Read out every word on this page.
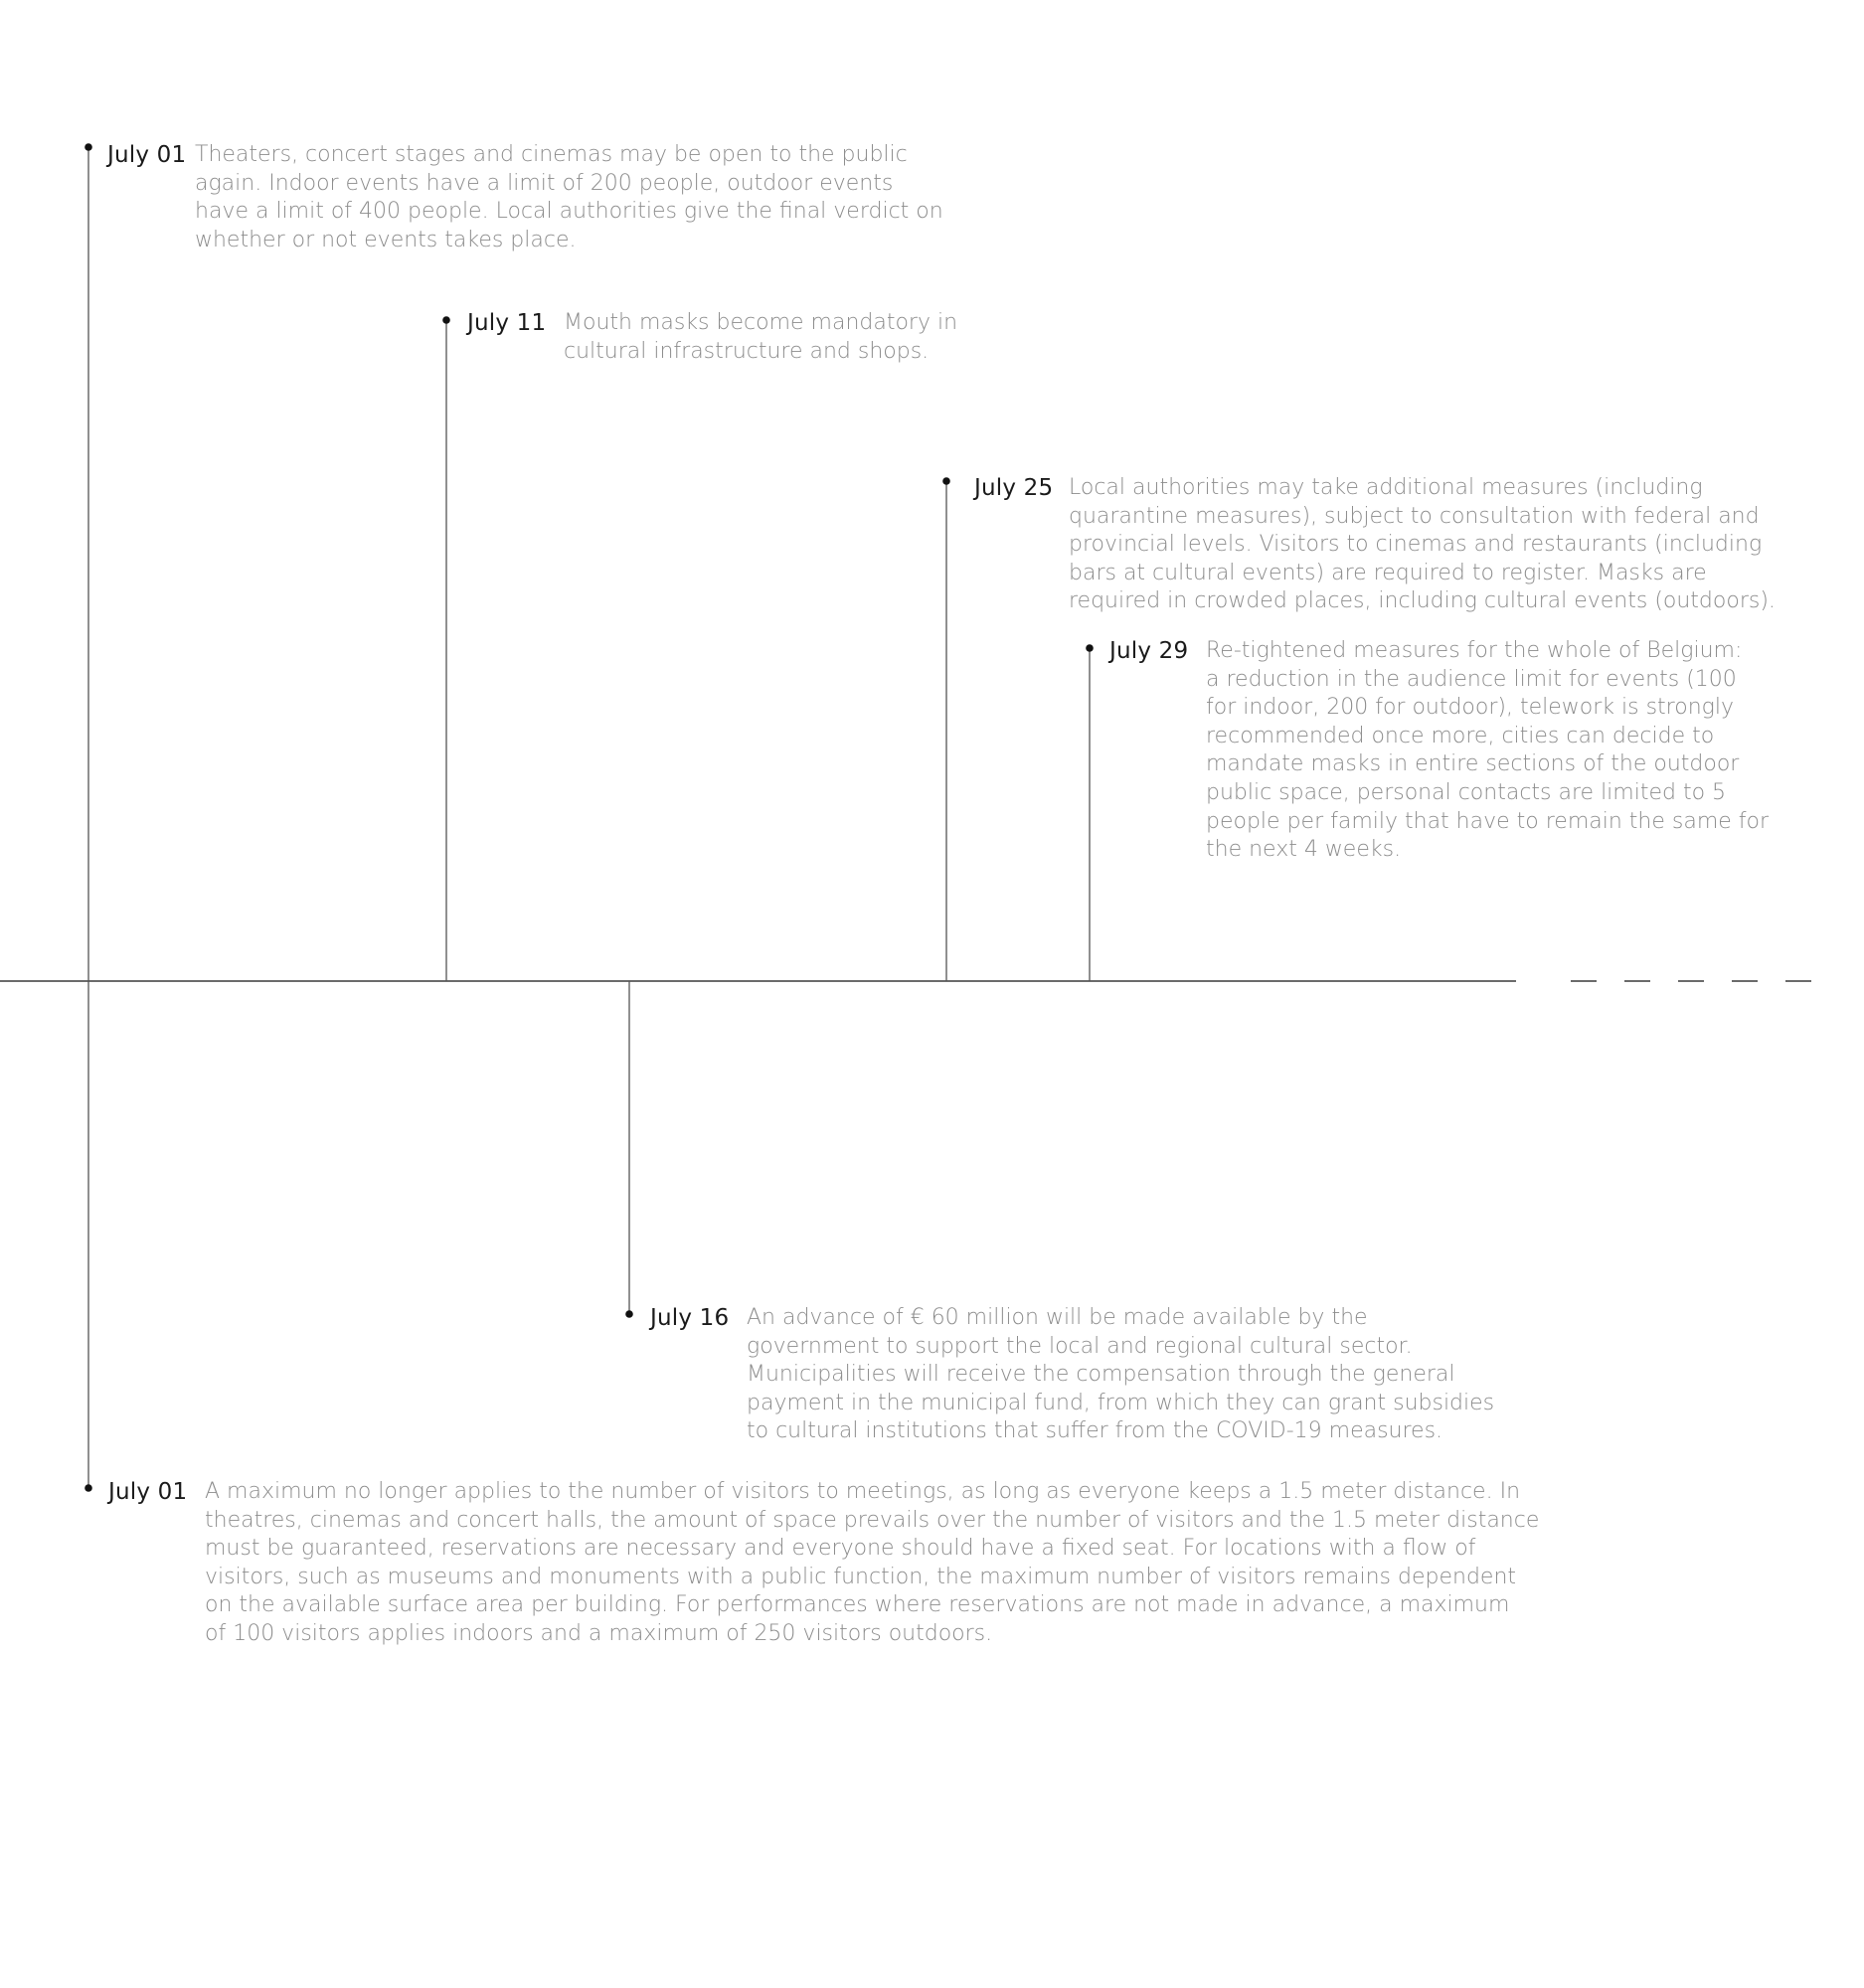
July 01 Theaters, concert stages and cinemas may be open to the public
again. Indoor events have a limit of 200 people, outdoor events
have a limit of 400 people. Local authorities give the final verdict on
whether or not events takes place.
July 11 Mouth masks become mandatory in
cultural infrastructure and shops.
July 25 Local authorities may take additional measures (including
quarantine measures), subject to consultation with federal and
provincial levels. Visitors to cinemas and restaurants (including
bars at cultural events) are required to register. Masks are
required in crowded places, including cultural events (outdoors).
July 29 Re-tightened measures for the whole of Belgium:
a reduction in the audience limit for events (100
for indoor, 200 for outdoor), telework is strongly
recommended once more, cities can decide to
mandate masks in entire sections of the outdoor
public space, personal contacts are limited to 5
people per family that have to remain the same for
the next 4 weeks.
July 16 An advance of € 60 million will be made available by the
government to support the local and regional cultural sector.
Municipalities will receive the compensation through the general
payment in the municipal fund, from which they can grant subsidies
to cultural institutions that suffer from the COVID-19 measures.
July 01 A maximum no longer applies to the number of visitors to meetings, as long as everyone keeps a 1.5 meter distance. In
theatres, cinemas and concert halls, the amount of space prevails over the number of visitors and the 1.5 meter distance
must be guaranteed, reservations are necessary and everyone should have a fixed seat. For locations with a flow of
visitors, such as museums and monuments with a public function, the maximum number of visitors remains dependent
on the available surface area per building. For performances where reservations are not made in advance, a maximum
of 100 visitors applies indoors and a maximum of 250 visitors outdoors.
